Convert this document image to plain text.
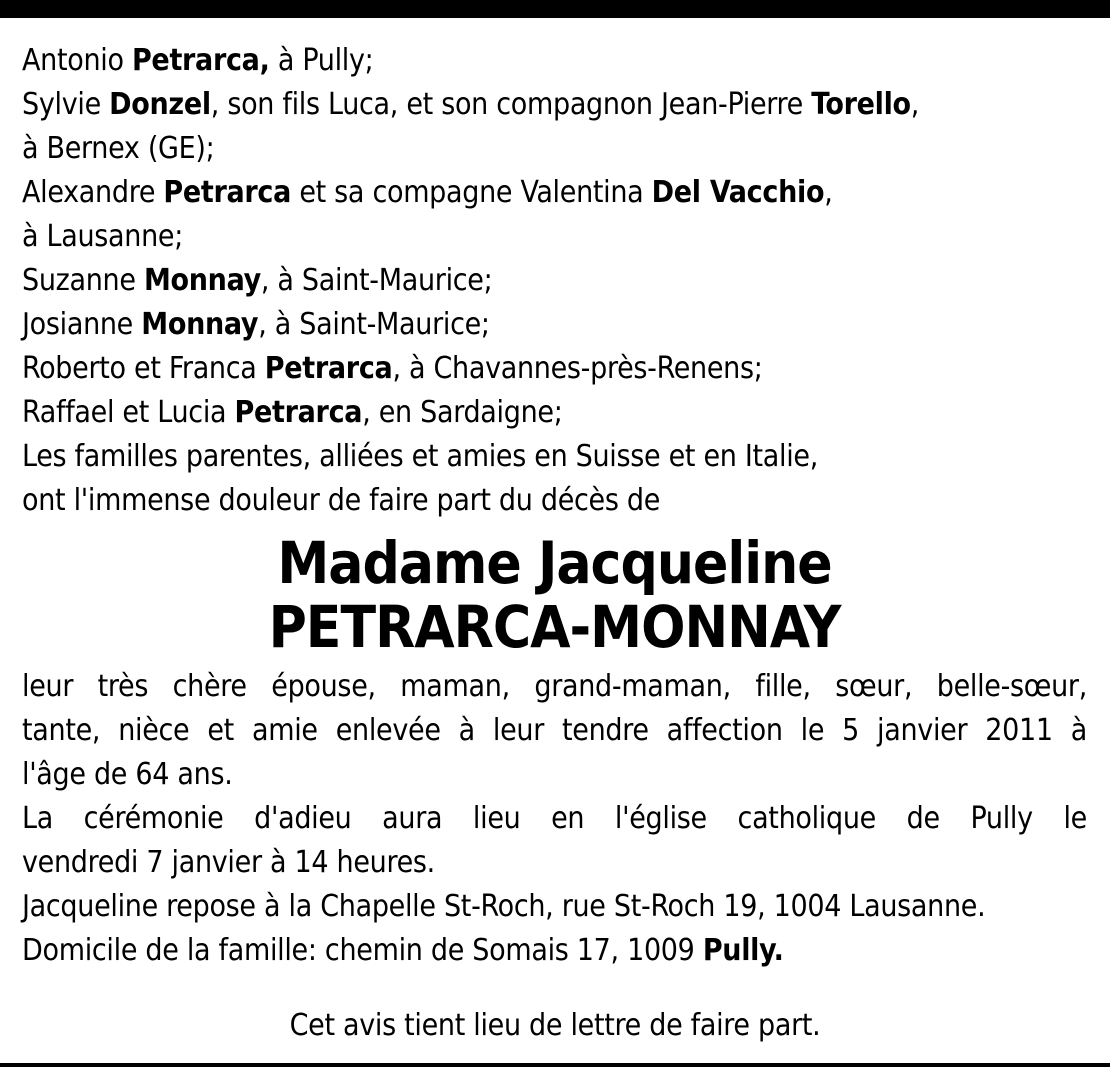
Antonio Petrarca, à Pully;
Sylvie Donzel, son fils Luca, et son compagnon Jean-Pierre Torello,
à Bernex (GE);
Alexandre Petrarca et sa compagne Valentina Del Vacchio,
à Lausanne;
Suzanne Monnay, à Saint-Maurice;
Josianne Monnay, à Saint-Maurice;
Roberto et Franca Petrarca, à Chavannes-près-Renens;
Raffael et Lucia Petrarca, en Sardaigne;
Les familles parentes, alliées et amies en Suisse et en Italie,
ont l'immense douleur de faire part du décès de
Madame Jacqueline
PETRARCA-MONNAY
leur très chère épouse, maman, grand-maman, fille, sœur, belle-sœur,
tante, nièce et amie enlevée à leur tendre affection le 5 janvier 2011 à
l'âge de 64 ans.
La cérémonie d'adieu aura lieu en l'église catholique de Pully le
vendredi 7 janvier à 14 heures.
Jacqueline repose à la Chapelle St-Roch, rue St-Roch 19, 1004 Lausanne.
Domicile de la famille: chemin de Somais 17, 1009 Pully.
Cet avis tient lieu de lettre de faire part.
